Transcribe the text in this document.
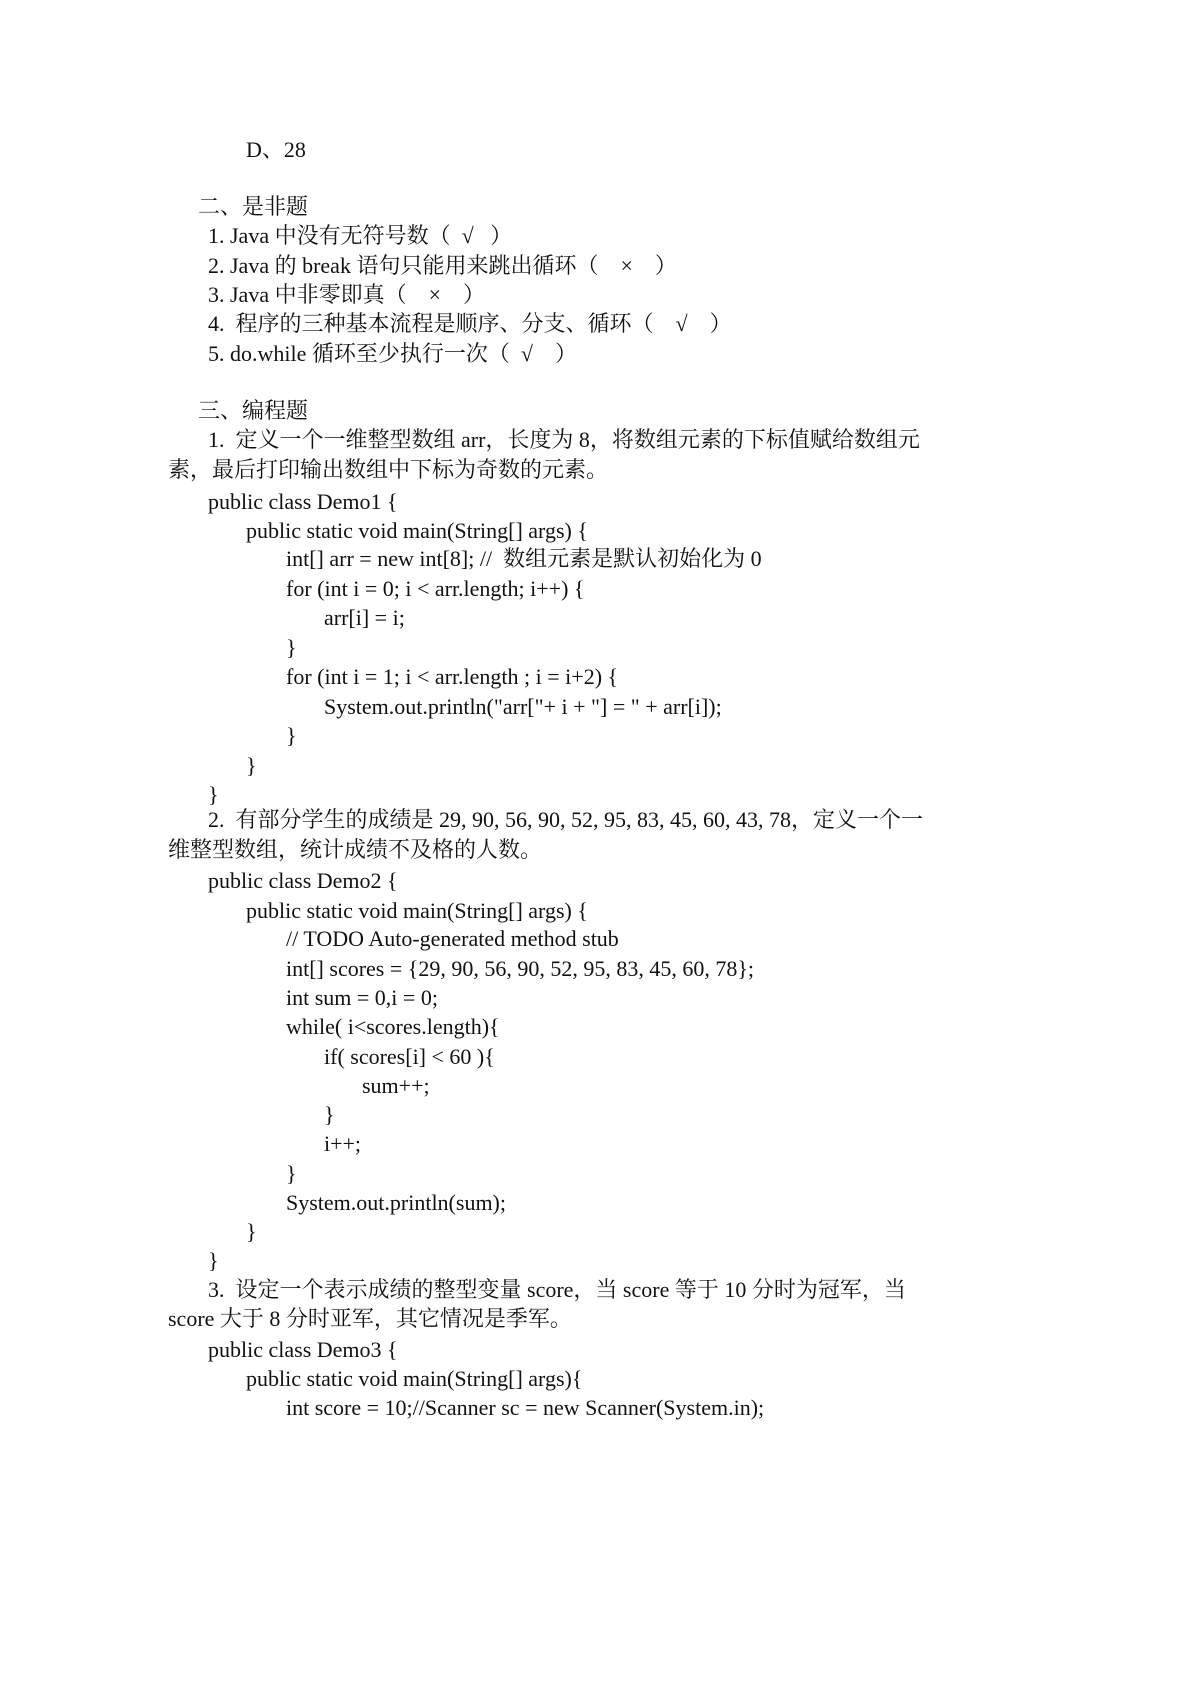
D、28
二、是非题
1. Java 中没有无符号数（  √   ）
2. Java 的 break 语句只能用来跳出循环（    ×    ）
3. Java 中非零即真（    ×    ）
4.  程序的三种基本流程是顺序、分支、循环（    √    ）
5. do.while 循环至少执行一次（  √    ）
三、编程题
1.  定义一个一维整型数组 arr，长度为 8，将数组元素的下标值赋给数组元
素，最后打印输出数组中下标为奇数的元素。
public class Demo1 {
public static void main(String[] args) {
int[] arr = new int[8]; //  数组元素是默认初始化为 0
for (int i = 0; i < arr.length; i++) {
arr[i] = i;
}
for (int i = 1; i < arr.length ; i = i+2) {
System.out.println("arr["+ i + "] = " + arr[i]);
}
}
}
2.  有部分学生的成绩是 29, 90, 56, 90, 52, 95, 83, 45, 60, 43, 78，定义一个一
维整型数组，统计成绩不及格的人数。
public class Demo2 {
public static void main(String[] args) {
// TODO Auto-generated method stub
int[] scores = {29, 90, 56, 90, 52, 95, 83, 45, 60, 78};
int sum = 0,i = 0;
while( i<scores.length){
if( scores[i] < 60 ){
sum++;
}
i++;
}
System.out.println(sum);
}
}
3.  设定一个表示成绩的整型变量 score，当 score 等于 10 分时为冠军，当
score 大于 8 分时亚军，其它情况是季军。
public class Demo3 {
public static void main(String[] args){
int score = 10;//Scanner sc = new Scanner(System.in);
